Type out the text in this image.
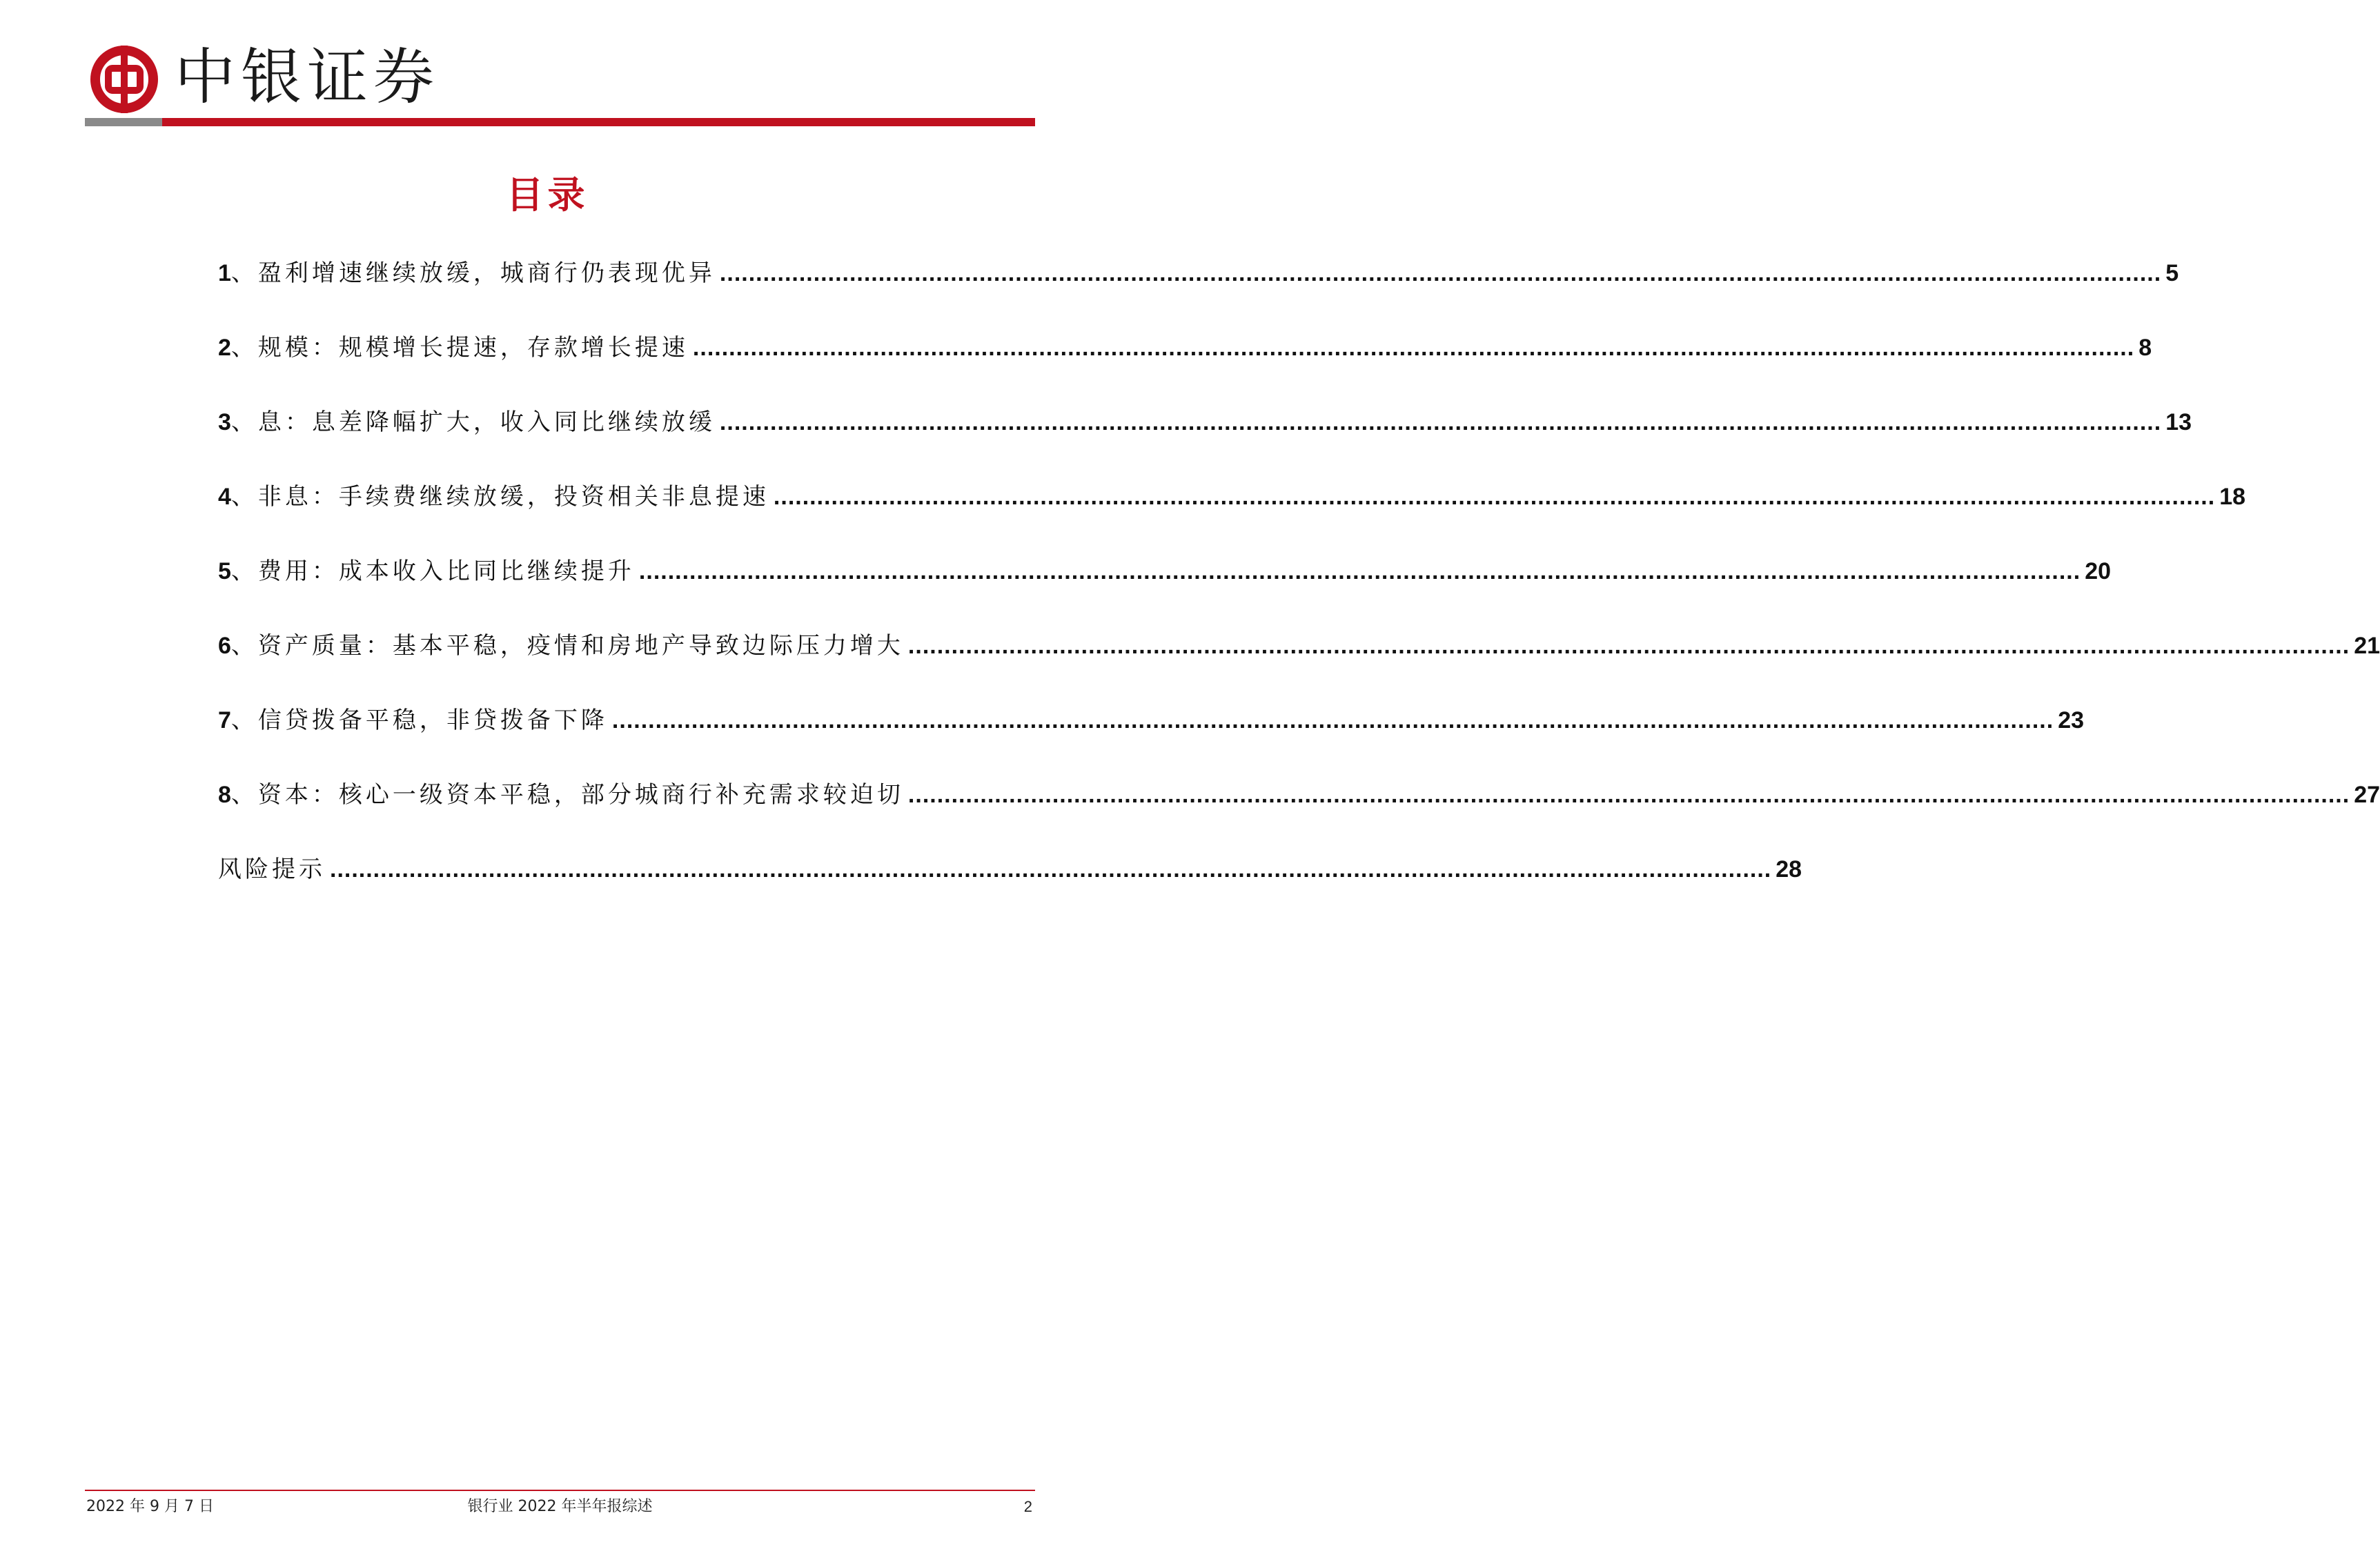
中银证券
目录
1 、 盈利增速继续放缓，城商行仍表现优异 ........................................................................................................................................................................................................ 5
2 、 规模：规模增长提速，存款增长提速 ........................................................................................................................................................................................................ 8
3 、 息：息差降幅扩大，收入同比继续放缓 ........................................................................................................................................................................................................ 13
4 、 非息：手续费继续放缓，投资相关非息提速 ........................................................................................................................................................................................................ 18
5 、 费用：成本收入比同比继续提升 ........................................................................................................................................................................................................ 20
6 、 资产质量：基本平稳，疫情和房地产导致边际压力增大 ........................................................................................................................................................................................................ 21
7 、 信贷拨备平稳，非贷拨备下降 ........................................................................................................................................................................................................ 23
8 、 资本：核心一级资本平稳，部分城商行补充需求较迫切 ........................................................................................................................................................................................................ 27
风险提示 ........................................................................................................................................................................................................ 28
2022 年 9 月 7 日	银行业 2022 年半年报综述	2
